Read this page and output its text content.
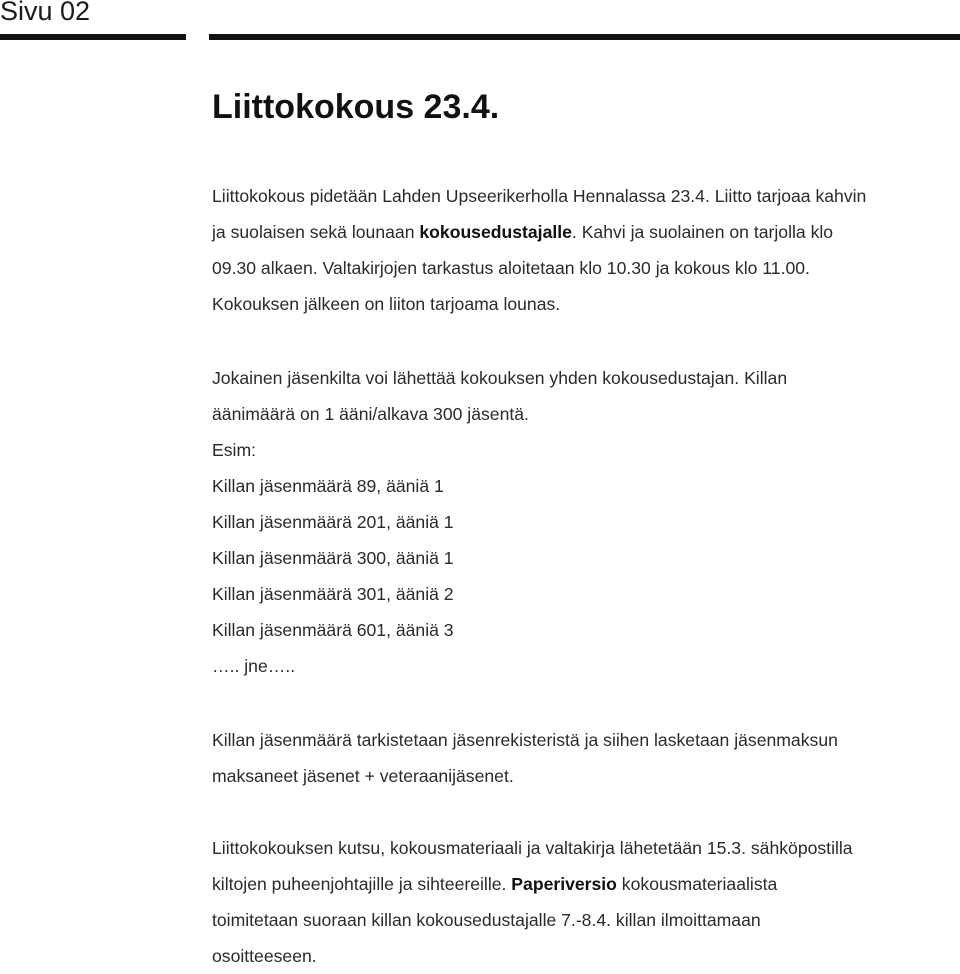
Sivu 02
Liittokokous 23.4.

Liittokokous pidetään Lahden Upseerikerholla Hennalassa 23.4. Liitto tarjoaa kahvin

ja suolaisen sekä lounaan kokousedustajalle. Kahvi ja suolainen on tarjolla klo

09.30 alkaen. Valtakirjojen tarkastus aloitetaan klo 10.30 ja kokous klo 11.00.

Kokouksen jälkeen on liiton tarjoama lounas.

Jokainen jäsenkilta voi lähettää kokouksen yhden kokousedustajan. Killan

äänimäärä on 1 ääni/alkava 300 jäsentä.

Esim:

Killan jäsenmäärä 89, ääniä 1

Killan jäsenmäärä 201, ääniä 1

Killan jäsenmäärä 300, ääniä 1

Killan jäsenmäärä 301, ääniä 2

Killan jäsenmäärä 601, ääniä 3

….. jne…..

Killan jäsenmäärä tarkistetaan jäsenrekisteristä ja siihen lasketaan jäsenmaksun

maksaneet jäsenet + veteraanijäsenet.

Liittokokouksen kutsu, kokousmateriaali ja valtakirja lähetetään 15.3. sähköpostilla

kiltojen puheenjohtajille ja sihteereille. Paperiversio kokousmateriaalista

toimitetaan suoraan killan kokousedustajalle 7.-8.4. killan ilmoittamaan

osoitteeseen.
